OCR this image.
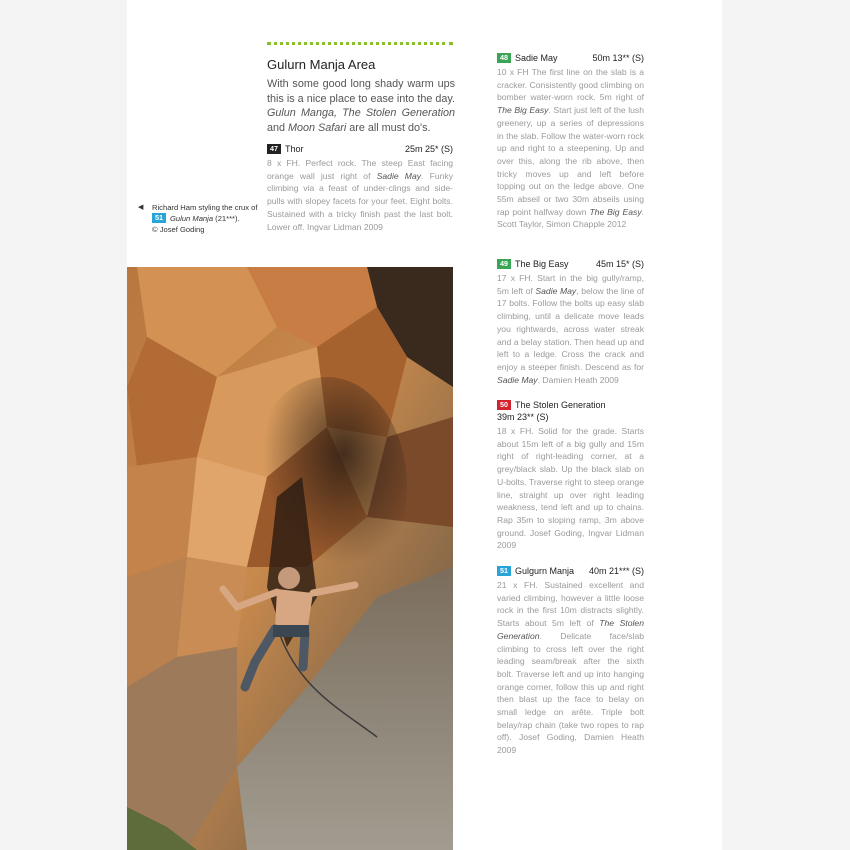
Gulurn Manja Area
With some good long shady warm ups this is a nice place to ease into the day. Gulun Manga, The Stolen Generation and Moon Safari are all must do's.
◀	Richard Ham styling the crux of
51 Gulun Manja (21***).
© Josef Goding
47 Thor	25m 25* (S)
8 x FH. Perfect rock. The steep East facing orange wall just right of Sadie May. Funky climbing via a feast of under-clings and side-pulls with slopey facets for your feet. Eight bolts. Sustained with a tricky finish past the last bolt. Lower off. Ingvar Lidman 2009
48 Sadie May	50m 13** (S)
10 x FH The first line on the slab is a cracker. Consistently good climbing on bomber water-worn rock. 5m right of The Big Easy. Start just left of the lush greenery, up a series of depressions in the slab. Follow the water-worn rock up and right to a steepening. Up and over this, along the rib above, then tricky moves up and left before topping out on the ledge above. One 55m abseil or two 30m abseils using rap point halfway down The Big Easy. Scott Taylor, Simon Chapple 2012
49 The Big Easy	45m 15* (S)
17 x FH. Start in the big gully/ramp, 5m left of Sadie May, below the line of 17 bolts. Follow the bolts up easy slab climbing, until a delicate move leads you rightwards, across water streak and a belay station. Then head up and left to a ledge. Cross the crack and enjoy a steeper finish. Descend as for Sadie May. Damien Heath 2009
50 The Stolen Generation  39m 23** (S)
18 x FH. Solid for the grade. Starts about 15m left of a big gully and 15m right of right-leading corner, at a grey/black slab. Up the black slab on U-bolts. Traverse right to steep orange line, straight up over right leading weakness, tend left and up to chains. Rap 35m to sloping ramp, 3m above ground. Josef Goding, Ingvar Lidman 2009
51 Gulgurn Manja 40m 21*** (S)
21 x FH. Sustained excellent and varied climbing, however a little loose rock in the first 10m distracts slightly. Starts about 5m left of The Stolen Generation. Delicate face/slab climbing to cross left over the right leading seam/break after the sixth bolt. Traverse left and up into hanging orange corner, follow this up and right then blast up the face to belay on small ledge on arête. Triple bolt belay/rap chain (take two ropes to rap off). Josef Goding, Damien Heath 2009
